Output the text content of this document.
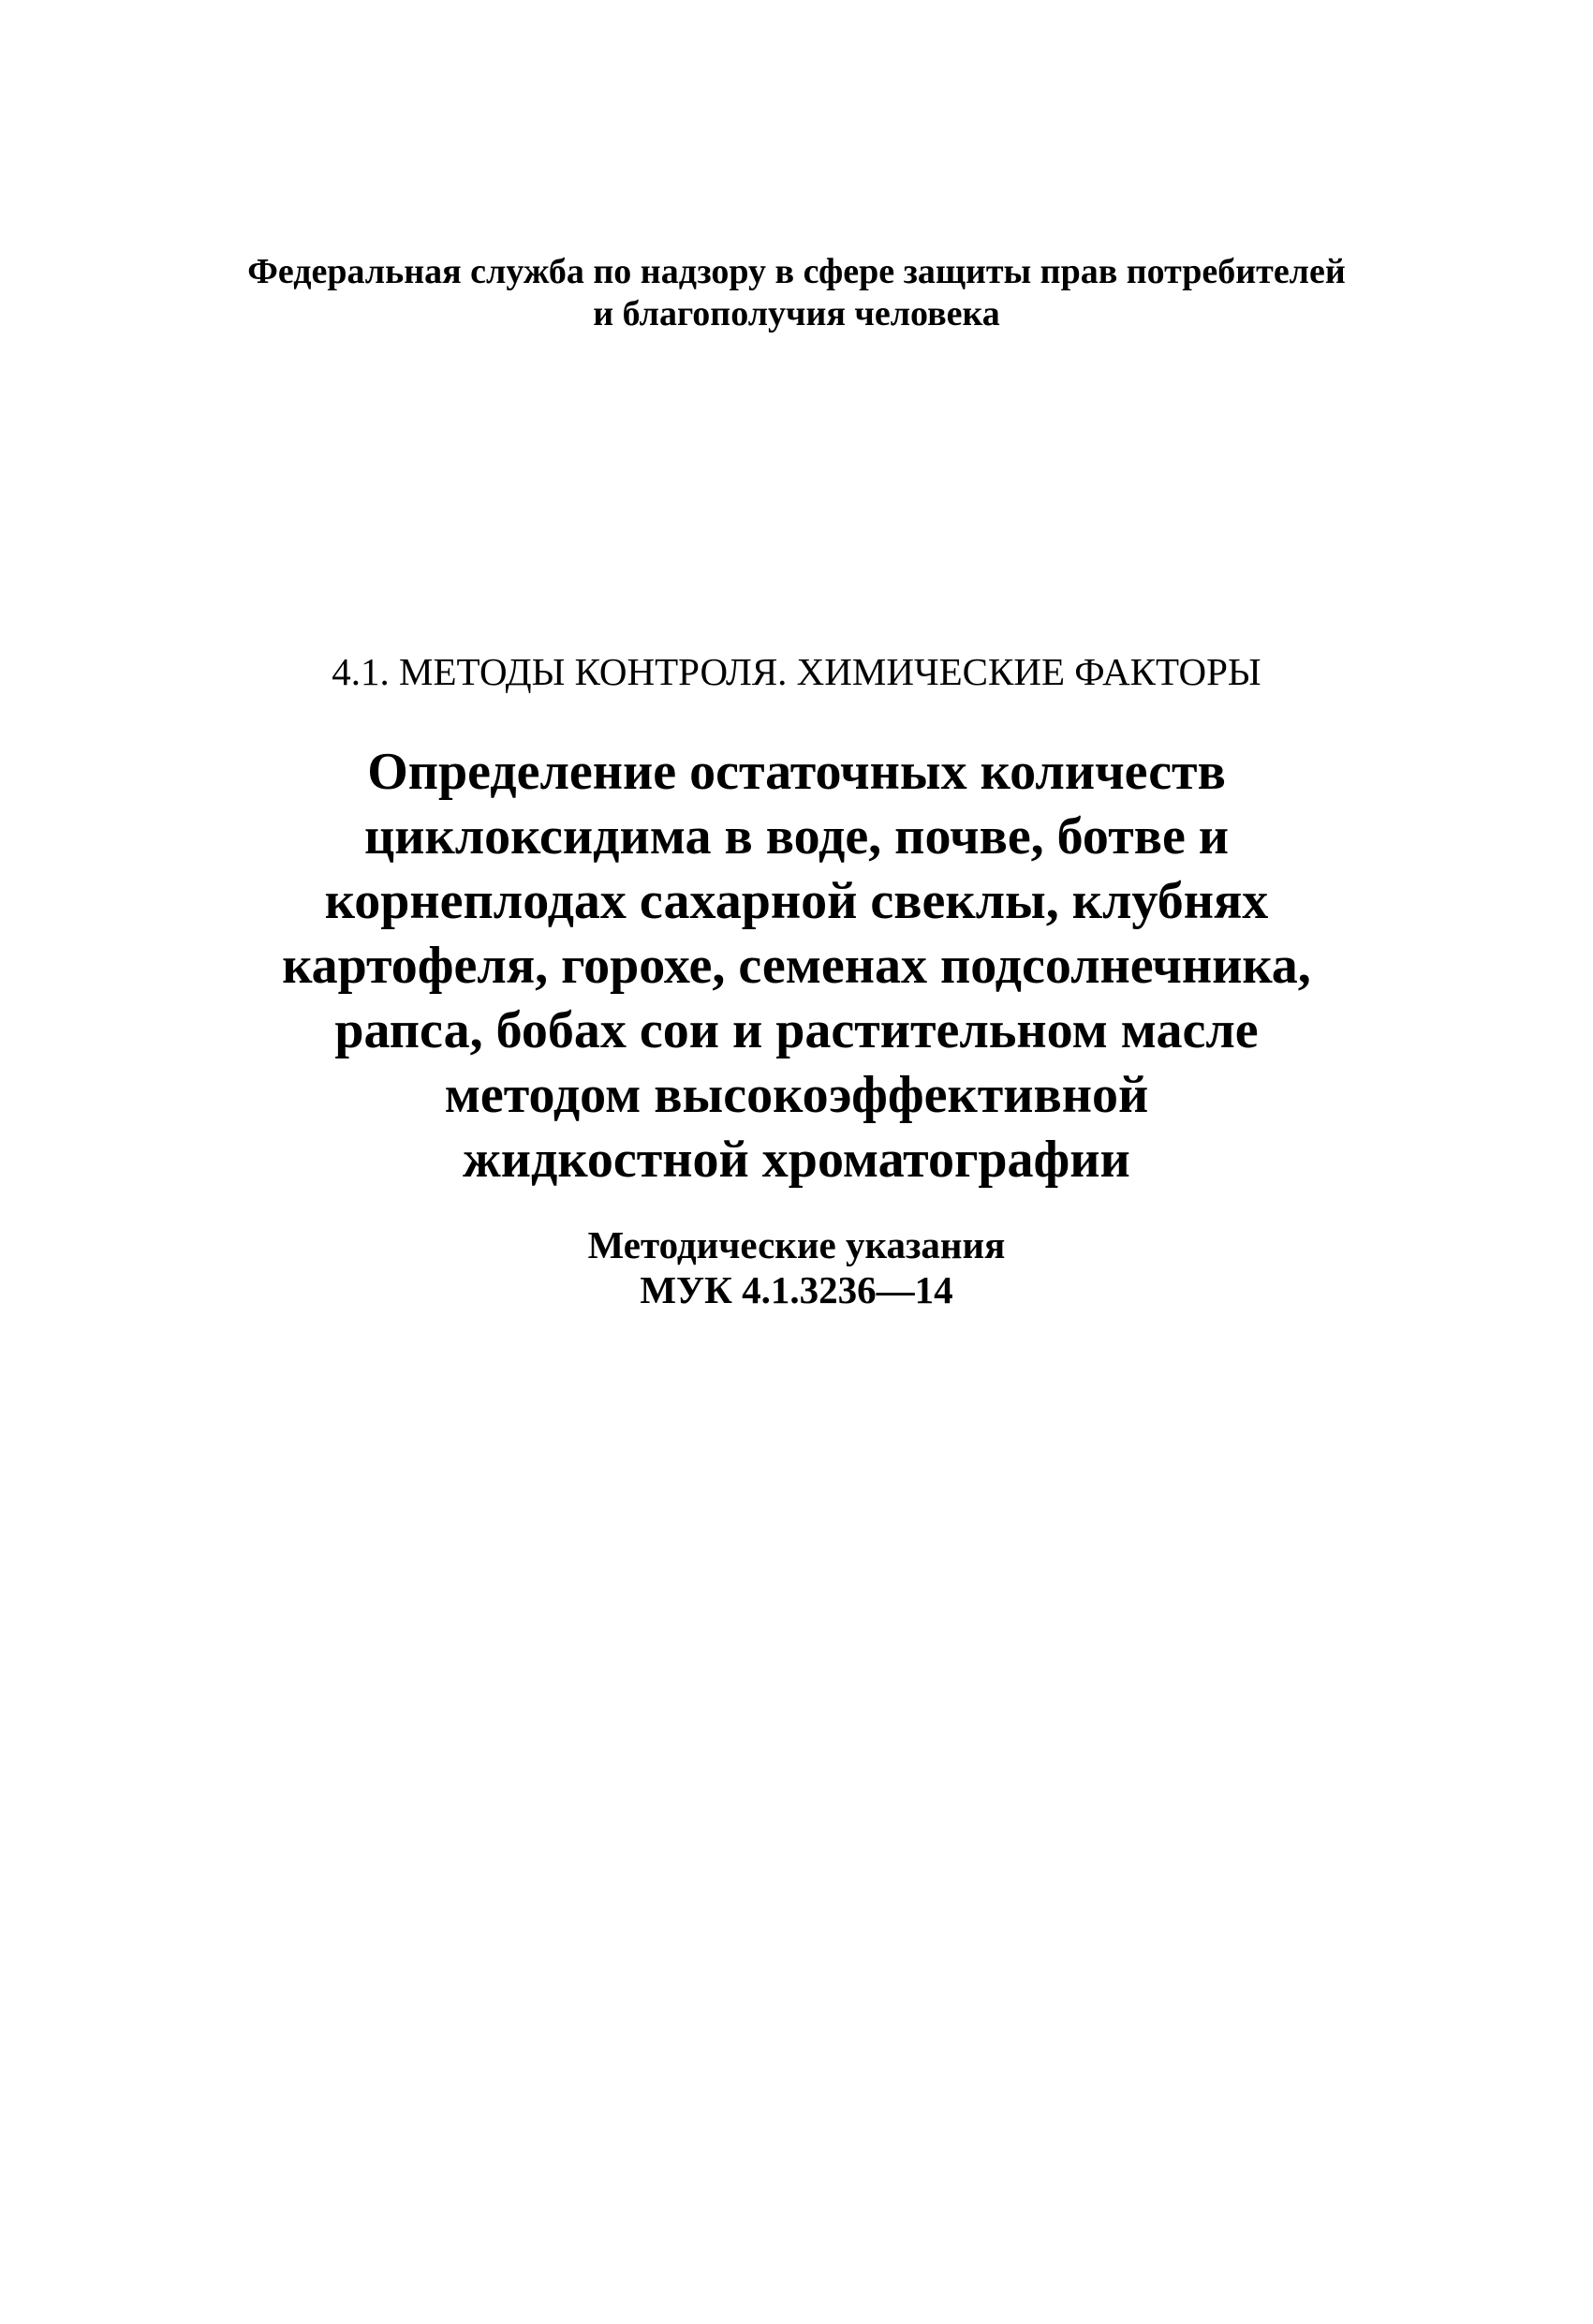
Федеральная служба по надзору в сфере защиты прав потребителей
и благополучия человека
4.1. МЕТОДЫ КОНТРОЛЯ. ХИМИЧЕСКИЕ ФАКТОРЫ
Определение остаточных количеств
циклоксидима в воде, почве, ботве и
корнеплодах сахарной свеклы, клубнях
картофеля, горохе, семенах подсолнечника,
рапса, бобах сои и растительном масле
методом высокоэффективной
жидкостной хроматографии
Методические указания
МУК 4.1.3236—14
